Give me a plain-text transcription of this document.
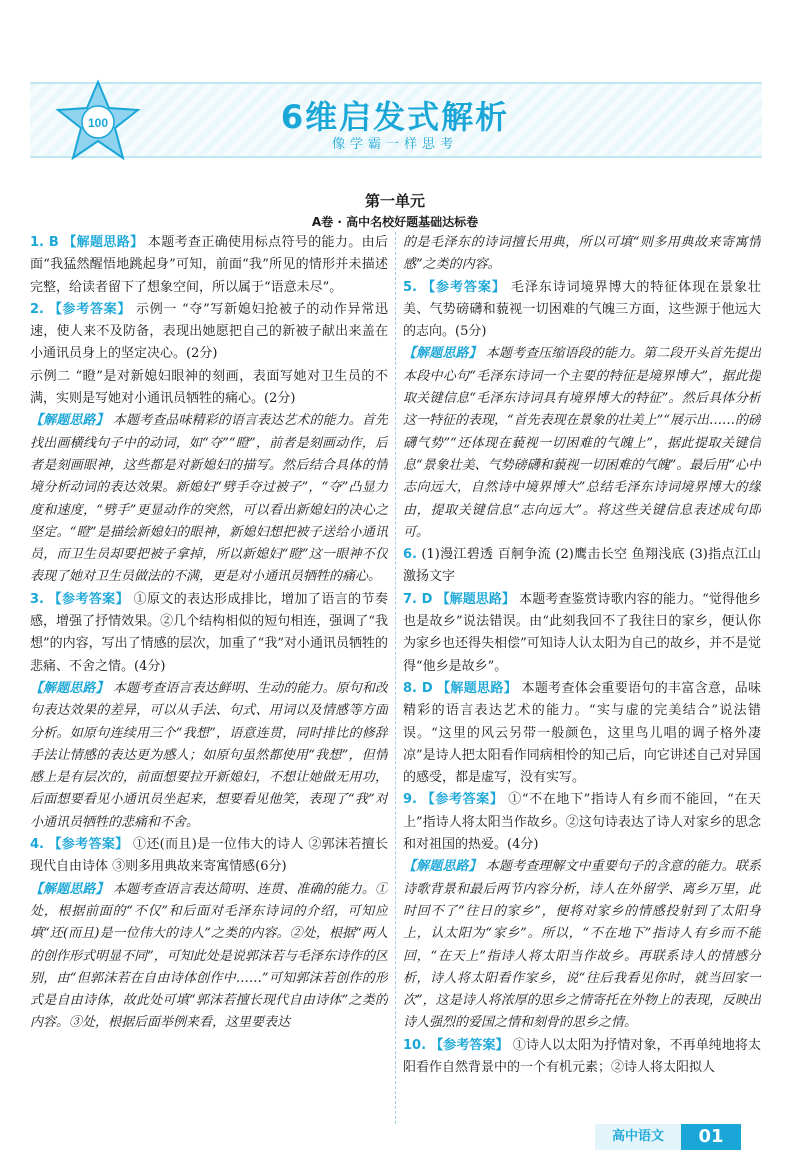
100	6维启发式解析
像学霸一样思考
第一单元
A卷 · 高中名校好题基础达标卷

1. B 【解题思路】 本题考查正确使用标点符号的能力。由后面“我猛然醒悟地跳起身”可知，前面“我”所见的情形并未描述完整，给读者留下了想象空间，所以属于“语意未尽”。

2. 【参考答案】 示例一 “夺”写新媳妇抢被子的动作异常迅速，使人来不及防备，表现出她愿把自己的新被子献出来盖在小通讯员身上的坚定决心。(2分)

示例二 “瞪”是对新媳妇眼神的刻画，表面写她对卫生员的不满，实则是写她对小通讯员牺牲的痛心。(2分)

【解题思路】 本题考查品味精彩的语言表达艺术的能力。首先找出画横线句子中的动词，如“夺”“瞪”，前者是刻画动作，后者是刻画眼神，这些都是对新媳妇的描写。然后结合具体的情境分析动词的表达效果。新媳妇“劈手夺过被子”，“夺”凸显力度和速度，“劈手”更显动作的突然，可以看出新媳妇的决心之坚定。“瞪”是描绘新媳妇的眼神，新媳妇想把被子送给小通讯员，而卫生员却要把被子拿掉，所以新媳妇“瞪”这一眼神不仅表现了她对卫生员做法的不满，更是对小通讯员牺牲的痛心。

3. 【参考答案】 ①原文的表达形成排比，增加了语言的节奏感，增强了抒情效果。②几个结构相似的短句相连，强调了“我想”的内容，写出了情感的层次，加重了“我”对小通讯员牺牲的悲痛、不舍之情。(4分)

【解题思路】 本题考查语言表达鲜明、生动的能力。原句和改句表达效果的差异，可以从手法、句式、用词以及情感等方面分析。如原句连续用三个“我想”，语意连贯，同时排比的修辞手法让情感的表达更为感人；如原句虽然都使用“我想”，但情感上是有层次的，前面想要拉开新媳妇，不想让她做无用功，后面想要看见小通讯员坐起来，想要看见他笑，表现了“我”对小通讯员牺牲的悲痛和不舍。

4. 【参考答案】 ①还(而且)是一位伟大的诗人 ②郭沫若擅长现代自由诗体 ③则多用典故来寄寓情感(6分)

【解题思路】 本题考查语言表达简明、连贯、准确的能力。①处，根据前面的“不仅”和后面对毛泽东诗词的介绍，可知应填“还(而且)是一位伟大的诗人”之类的内容。②处，根据“两人的创作形式明显不同”，可知此处是说郭沫若与毛泽东诗作的区别，由“但郭沫若在自由诗体创作中……”可知郭沫若创作的形式是自由诗体，故此处可填“郭沫若擅长现代自由诗体”之类的内容。③处，根据后面举例来看，这里要表达

的是毛泽东的诗词擅长用典，所以可填“则多用典故来寄寓情感”之类的内容。

5. 【参考答案】 毛泽东诗词境界博大的特征体现在景象壮美、气势磅礴和藐视一切困难的气魄三方面，这些源于他远大的志向。(5分)

【解题思路】 本题考查压缩语段的能力。第二段开头首先提出本段中心句“毛泽东诗词一个主要的特征是境界博大”，据此提取关键信息“毛泽东诗词具有境界博大的特征”。然后具体分析这一特征的表现，“首先表现在景象的壮美上”“展示出……的磅礴气势”“还体现在藐视一切困难的气魄上”，据此提取关键信息“景象壮美、气势磅礴和藐视一切困难的气魄”。最后用“心中志向远大，自然诗中境界博大”总结毛泽东诗词境界博大的缘由，提取关键信息“志向远大”。将这些关键信息表述成句即可。

6. (1)漫江碧透 百舸争流 (2)鹰击长空 鱼翔浅底 (3)指点江山 激扬文字

7. D 【解题思路】 本题考查鉴赏诗歌内容的能力。“觉得他乡也是故乡”说法错误。由“此刻我回不了我往日的家乡，便认你为家乡也还得失相偿”可知诗人认太阳为自己的故乡，并不是觉得“他乡是故乡”。

8. D 【解题思路】 本题考查体会重要语句的丰富含意，品味精彩的语言表达艺术的能力。“实与虚的完美结合”说法错误。“这里的风云另带一般颜色，这里鸟儿唱的调子格外凄凉”是诗人把太阳看作同病相怜的知己后，向它讲述自己对异国的感受，都是虚写，没有实写。

9. 【参考答案】 ①“不在地下”指诗人有乡而不能回，“在天上”指诗人将太阳当作故乡。②这句诗表达了诗人对家乡的思念和对祖国的热爱。(4分)

【解题思路】 本题考查理解文中重要句子的含意的能力。联系诗歌背景和最后两节内容分析，诗人在外留学、离乡万里，此时回不了“往日的家乡”，便将对家乡的情感投射到了太阳身上，认太阳为“家乡”。所以，“不在地下”指诗人有乡而不能回，“在天上”指诗人将太阳当作故乡。再联系诗人的情感分析，诗人将太阳看作家乡，说“往后我看见你时，就当回家一次”，这是诗人将浓厚的思乡之情寄托在外物上的表现，反映出诗人强烈的爱国之情和刻骨的思乡之情。

10. 【参考答案】 ①诗人以太阳为抒情对象，不再单纯地将太阳看作自然背景中的一个有机元素；②诗人将太阳拟人

高中语文	01
